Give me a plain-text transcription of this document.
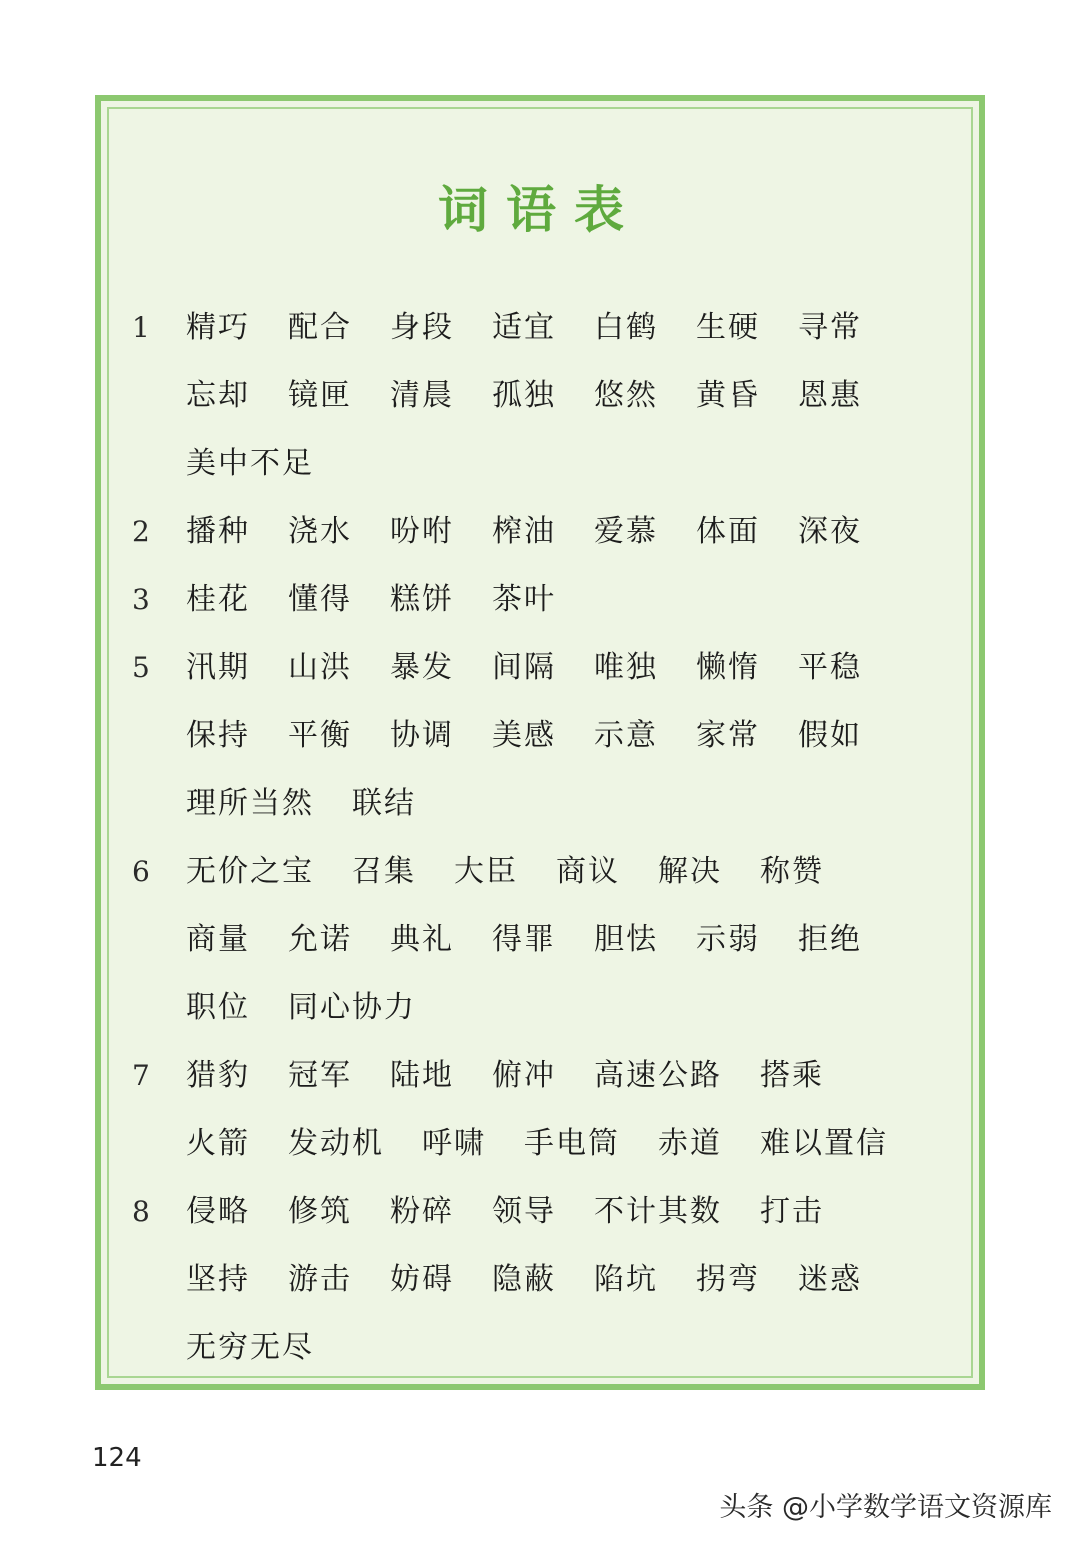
词语表
1	精巧 配合 身段 适宜 白鹤 生硬 寻常
忘却 镜匣 清晨 孤独 悠然 黄昏 恩惠
美中不足
2	播种 浇水 吩咐 榨油 爱慕 体面 深夜
3	桂花 懂得 糕饼 茶叶
5	汛期 山洪 暴发 间隔 唯独 懒惰 平稳
保持 平衡 协调 美感 示意 家常 假如
理所当然 联结
6	无价之宝 召集 大臣 商议 解决 称赞
商量 允诺 典礼 得罪 胆怯 示弱 拒绝
职位 同心协力
7	猎豹 冠军 陆地 俯冲 高速公路 搭乘
火箭 发动机 呼啸 手电筒 赤道 难以置信
8	侵略 修筑 粉碎 领导 不计其数 打击
坚持 游击 妨碍 隐蔽 陷坑 拐弯 迷惑
无穷无尽
124
头条 @小学数学语文资源库
